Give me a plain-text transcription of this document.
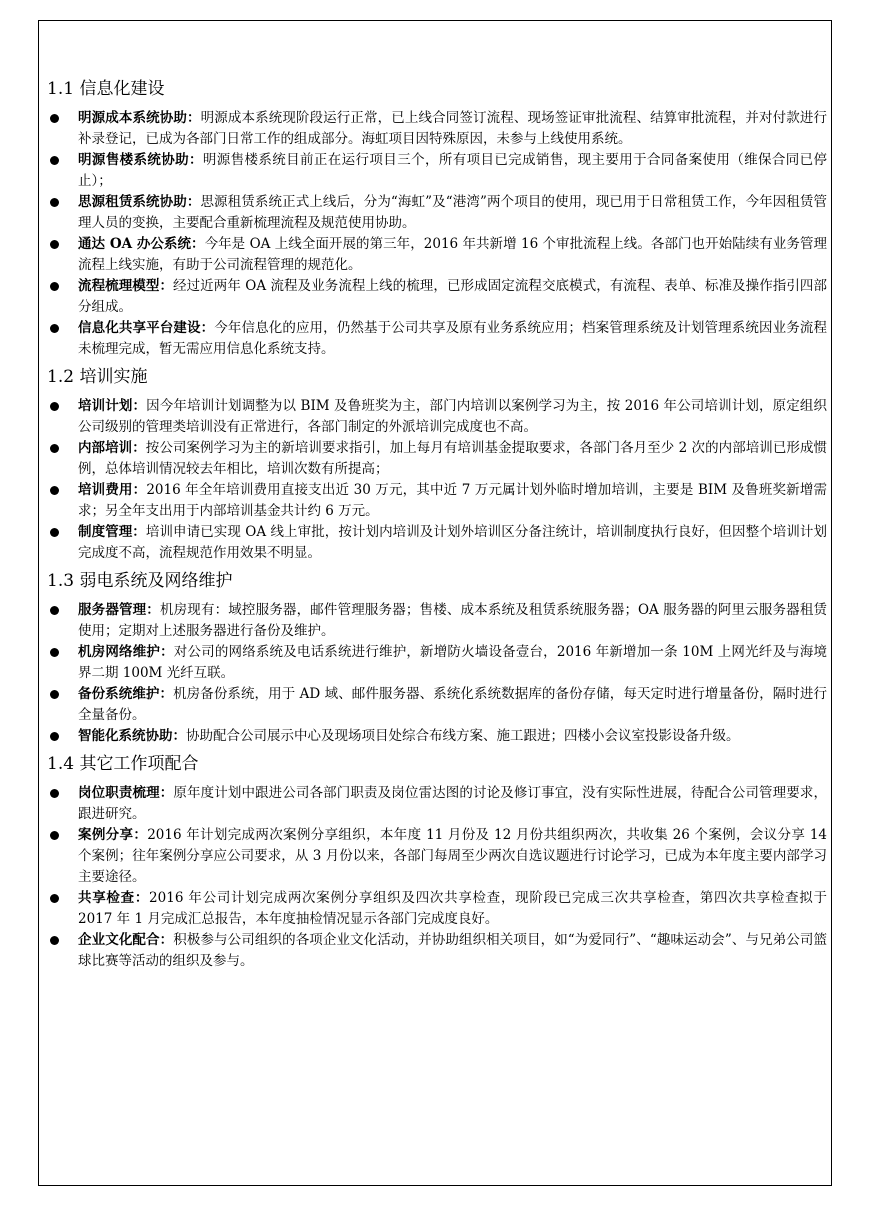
1.1 信息化建设
明源成本系统协助：明源成本系统现阶段运行正常，已上线合同签订流程、现场签证审批流程、结算审批流程，并对付款进行补录登记，已成为各部门日常工作的组成部分。海虹项目因特殊原因，未参与上线使用系统。
明源售楼系统协助：明源售楼系统目前正在运行项目三个，所有项目已完成销售，现主要用于合同备案使用（维保合同已停止）；
思源租赁系统协助：思源租赁系统正式上线后，分为“海虹”及“港湾”两个项目的使用，现已用于日常租赁工作，今年因租赁管理人员的变换，主要配合重新梳理流程及规范使用协助。
通达 OA 办公系统：今年是 OA 上线全面开展的第三年，2016 年共新增 16 个审批流程上线。各部门也开始陆续有业务管理流程上线实施，有助于公司流程管理的规范化。
流程梳理模型：经过近两年 OA 流程及业务流程上线的梳理，已形成固定流程交底模式，有流程、表单、标准及操作指引四部分组成。
信息化共享平台建设：今年信息化的应用，仍然基于公司共享及原有业务系统应用；档案管理系统及计划管理系统因业务流程未梳理完成，暂无需应用信息化系统支持。
1.2 培训实施
培训计划：因今年培训计划调整为以 BIM 及鲁班奖为主，部门内培训以案例学习为主，按 2016 年公司培训计划，原定组织公司级别的管理类培训没有正常进行，各部门制定的外派培训完成度也不高。
内部培训：按公司案例学习为主的新培训要求指引，加上每月有培训基金提取要求，各部门各月至少 2 次的内部培训已形成惯例，总体培训情况较去年相比，培训次数有所提高；
培训费用：2016 年全年培训费用直接支出近 30 万元，其中近 7 万元属计划外临时增加培训，主要是 BIM 及鲁班奖新增需求；另全年支出用于内部培训基金共计约 6 万元。
制度管理：培训申请已实现 OA 线上审批，按计划内培训及计划外培训区分备注统计，培训制度执行良好，但因整个培训计划完成度不高，流程规范作用效果不明显。
1.3 弱电系统及网络维护
服务器管理：机房现有：域控服务器，邮件管理服务器；售楼、成本系统及租赁系统服务器；OA 服务器的阿里云服务器租赁使用；定期对上述服务器进行备份及维护。
机房网络维护：对公司的网络系统及电话系统进行维护，新增防火墙设备壹台，2016 年新增加一条 10M 上网光纤及与海境界二期 100M 光纤互联。
备份系统维护：机房备份系统，用于 AD 域、邮件服务器、系统化系统数据库的备份存储，每天定时进行增量备份，隔时进行全量备份。
智能化系统协助：协助配合公司展示中心及现场项目处综合布线方案、施工跟进；四楼小会议室投影设备升级。
1.4 其它工作项配合
岗位职责梳理：原年度计划中跟进公司各部门职责及岗位雷达图的讨论及修订事宜，没有实际性进展，待配合公司管理要求，跟进研究。
案例分享：2016 年计划完成两次案例分享组织，本年度 11 月份及 12 月份共组织两次，共收集 26 个案例，会议分享 14 个案例；往年案例分享应公司要求，从 3 月份以来，各部门每周至少两次自选议题进行讨论学习，已成为本年度主要内部学习主要途径。
共享检查：2016 年公司计划完成两次案例分享组织及四次共享检查，现阶段已完成三次共享检查，第四次共享检查拟于 2017 年 1 月完成汇总报告，本年度抽检情况显示各部门完成度良好。
企业文化配合：积极参与公司组织的各项企业文化活动，并协助组织相关项目，如“为爱同行”、“趣味运动会”、与兄弟公司篮球比赛等活动的组织及参与。
